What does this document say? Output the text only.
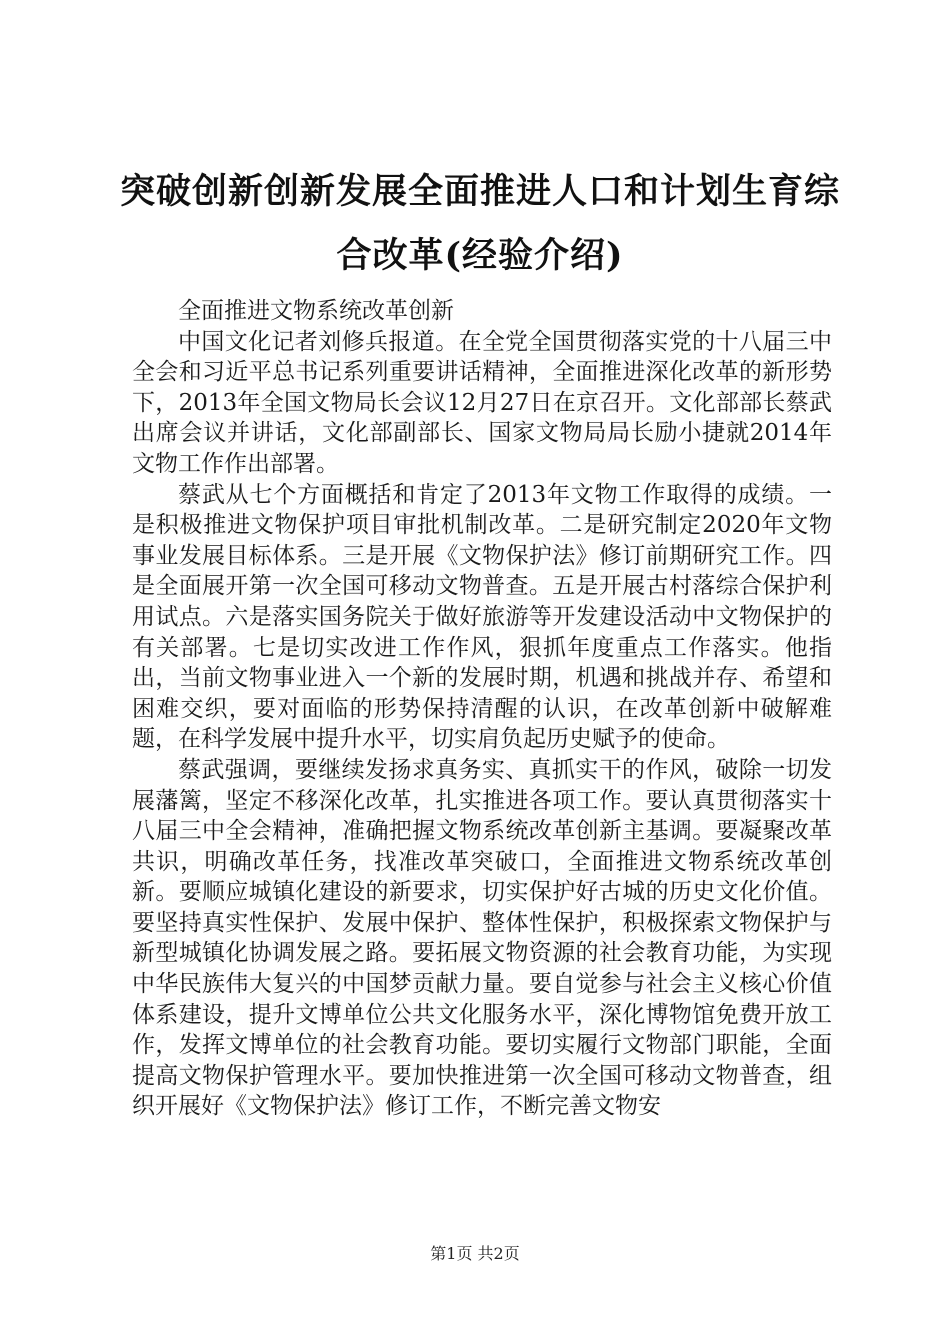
突破创新创新发展全面推进人口和计划生育综合改革(经验介绍)

全面推进文物系统改革创新

中国文化记者刘修兵报道。在全党全国贯彻落实党的十八届三中全会和习近平总书记系列重要讲话精神，全面推进深化改革的新形势下，2013年全国文物局长会议12月27日在京召开。文化部部长蔡武出席会议并讲话，文化部副部长、国家文物局局长励小捷就2014年文物工作作出部署。

蔡武从七个方面概括和肯定了2013年文物工作取得的成绩。一是积极推进文物保护项目审批机制改革。二是研究制定2020年文物事业发展目标体系。三是开展《文物保护法》修订前期研究工作。四是全面展开第一次全国可移动文物普查。五是开展古村落综合保护利用试点。六是落实国务院关于做好旅游等开发建设活动中文物保护的有关部署。七是切实改进工作作风，狠抓年度重点工作落实。他指出，当前文物事业进入一个新的发展时期，机遇和挑战并存、希望和困难交织，要对面临的形势保持清醒的认识，在改革创新中破解难题，在科学发展中提升水平，切实肩负起历史赋予的使命。

蔡武强调，要继续发扬求真务实、真抓实干的作风，破除一切发展藩篱，坚定不移深化改革，扎实推进各项工作。要认真贯彻落实十八届三中全会精神，准确把握文物系统改革创新主基调。要凝聚改革共识，明确改革任务，找准改革突破口，全面推进文物系统改革创新。要顺应城镇化建设的新要求，切实保护好古城的历史文化价值。要坚持真实性保护、发展中保护、整体性保护，积极探索文物保护与新型城镇化协调发展之路。要拓展文物资源的社会教育功能，为实现中华民族伟大复兴的中国梦贡献力量。要自觉参与社会主义核心价值体系建设，提升文博单位公共文化服务水平，深化博物馆免费开放工作，发挥文博单位的社会教育功能。要切实履行文物部门职能，全面提高文物保护管理水平。要加快推进第一次全国可移动文物普查，组织开展好《文物保护法》修订工作，不断完善文物安

第1页 共2页
